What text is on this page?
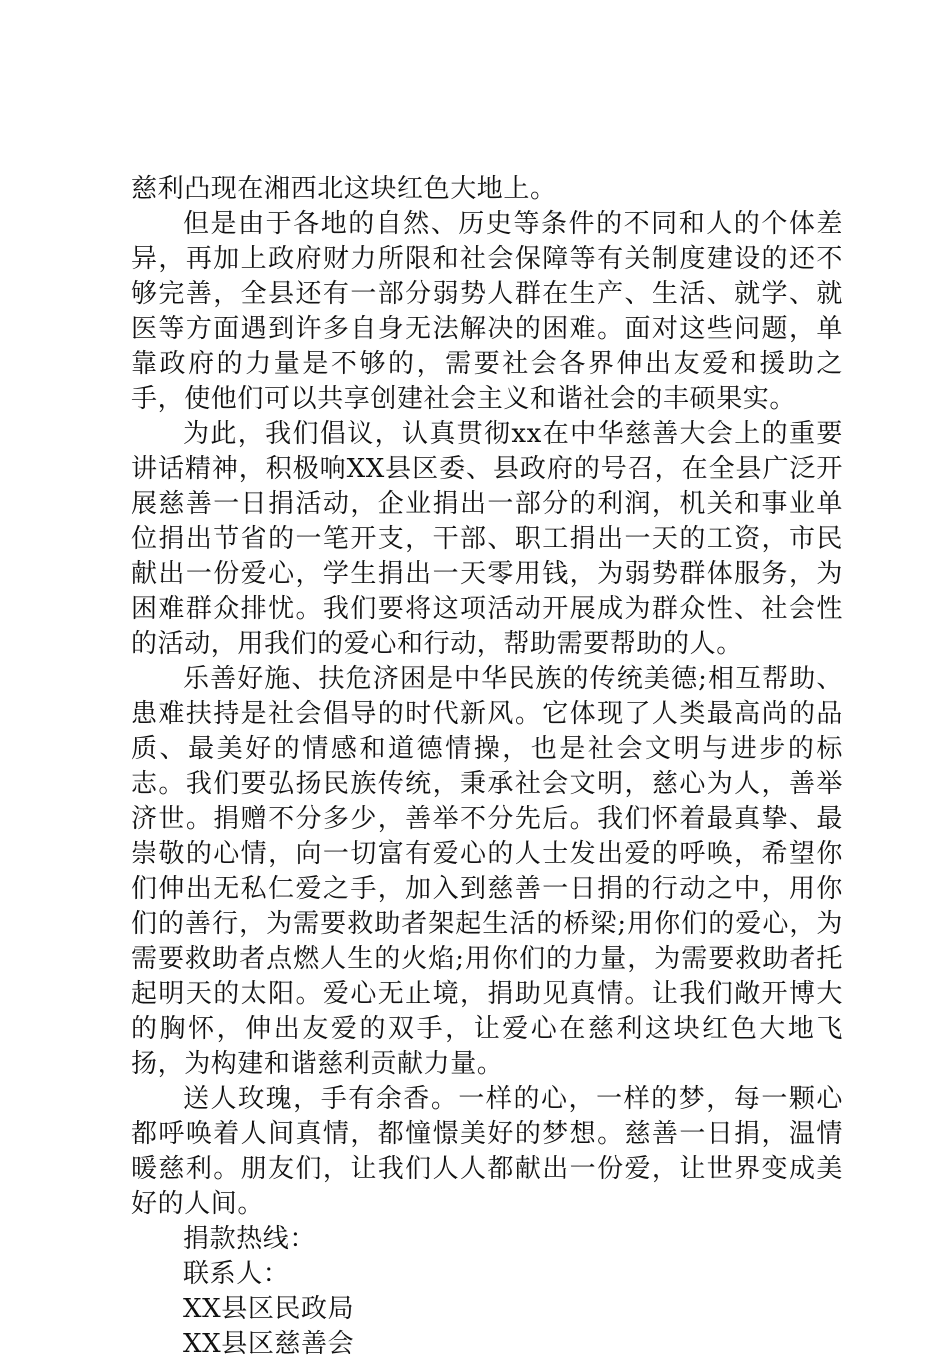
慈利凸现在湘西北这块红色大地上。

但是由于各地的自然、历史等条件的不同和人的个体差异，再加上政府财力所限和社会保障等有关制度建设的还不够完善，全县还有一部分弱势人群在生产、生活、就学、就医等方面遇到许多自身无法解决的困难。面对这些问题，单靠政府的力量是不够的，需要社会各界伸出友爱和援助之手，使他们可以共享创建社会主义和谐社会的丰硕果实。

为此，我们倡议，认真贯彻xx在中华慈善大会上的重要讲话精神，积极响XX县区委、县政府的号召，在全县广泛开展慈善一日捐活动，企业捐出一部分的利润，机关和事业单位捐出节省的一笔开支，干部、职工捐出一天的工资，市民献出一份爱心，学生捐出一天零用钱，为弱势群体服务，为困难群众排忧。我们要将这项活动开展成为群众性、社会性的活动，用我们的爱心和行动，帮助需要帮助的人。

乐善好施、扶危济困是中华民族的传统美德;相互帮助、患难扶持是社会倡导的时代新风。它体现了人类最高尚的品质、最美好的情感和道德情操，也是社会文明与进步的标志。我们要弘扬民族传统，秉承社会文明，慈心为人，善举济世。捐赠不分多少，善举不分先后。我们怀着最真挚、最崇敬的心情，向一切富有爱心的人士发出爱的呼唤，希望你们伸出无私仁爱之手，加入到慈善一日捐的行动之中，用你们的善行，为需要救助者架起生活的桥梁;用你们的爱心，为需要救助者点燃人生的火焰;用你们的力量，为需要救助者托起明天的太阳。爱心无止境，捐助见真情。让我们敞开博大的胸怀，伸出友爱的双手，让爱心在慈利这块红色大地飞扬，为构建和谐慈利贡献力量。

送人玫瑰，手有余香。一样的心，一样的梦，每一颗心都呼唤着人间真情，都憧憬美好的梦想。慈善一日捐，温情暖慈利。朋友们，让我们人人都献出一份爱，让世界变成美好的人间。

捐款热线：

联系人：

XX县区民政局

XX县区慈善会
